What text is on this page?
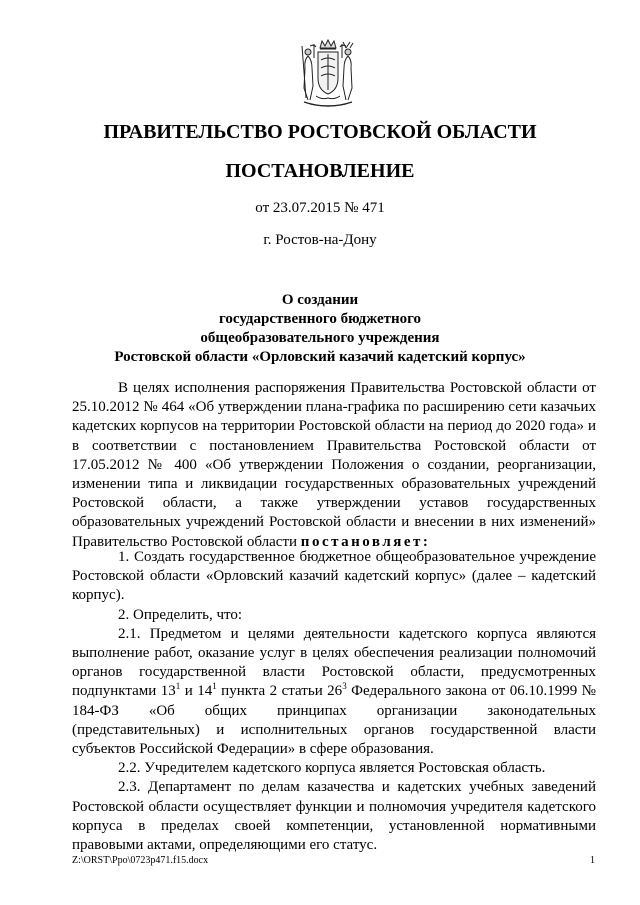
ПРАВИТЕЛЬСТВО РОСТОВСКОЙ ОБЛАСТИ
ПОСТАНОВЛЕНИЕ
от 23.07.2015 № 471
г. Ростов-на-Дону
О создании
государственного бюджетного
общеобразовательного учреждения
Ростовской области «Орловский казачий кадетский корпус»

В целях исполнения распоряжения Правительства Ростовской области от 25.10.2012 № 464 «Об утверждении плана-графика по расширению сети казачьих кадетских корпусов на территории Ростовской области на период до 2020 года» и в соответствии с постановлением Правительства Ростовской области от 17.05.2012 № 400 «Об утверждении Положения о создании, реорганизации, изменении типа и ликвидации государственных образовательных учреждений Ростовской области, а также утверждении уставов государственных образовательных учреждений Ростовской области и внесении в них изменений» Правительство Ростовской области постановляет:

1. Создать государственное бюджетное общеобразовательное учреждение Ростовской области «Орловский казачий кадетский корпус» (далее – кадетский корпус).

2. Определить, что:

2.1. Предметом и целями деятельности кадетского корпуса являются выполнение работ, оказание услуг в целях обеспечения реализации полномочий органов государственной власти Ростовской области, предусмотренных подпунктами $13^1$ и $14^1$ пункта 2 статьи $26^3$ Федерального закона от 06.10.1999 № 184-ФЗ «Об общих принципах организации законодательных (представительных) и исполнительных органов государственной власти субъектов Российской Федерации» в сфере образования.

2.2. Учредителем кадетского корпуса является Ростовская область.

2.3. Департамент по делам казачества и кадетских учебных заведений Ростовской области осуществляет функции и полномочия учредителя кадетского корпуса в пределах своей компетенции, установленной нормативными правовыми актами, определяющими его статус.

Z:\ORST\Ppo\0723p471.f15.docx	1
